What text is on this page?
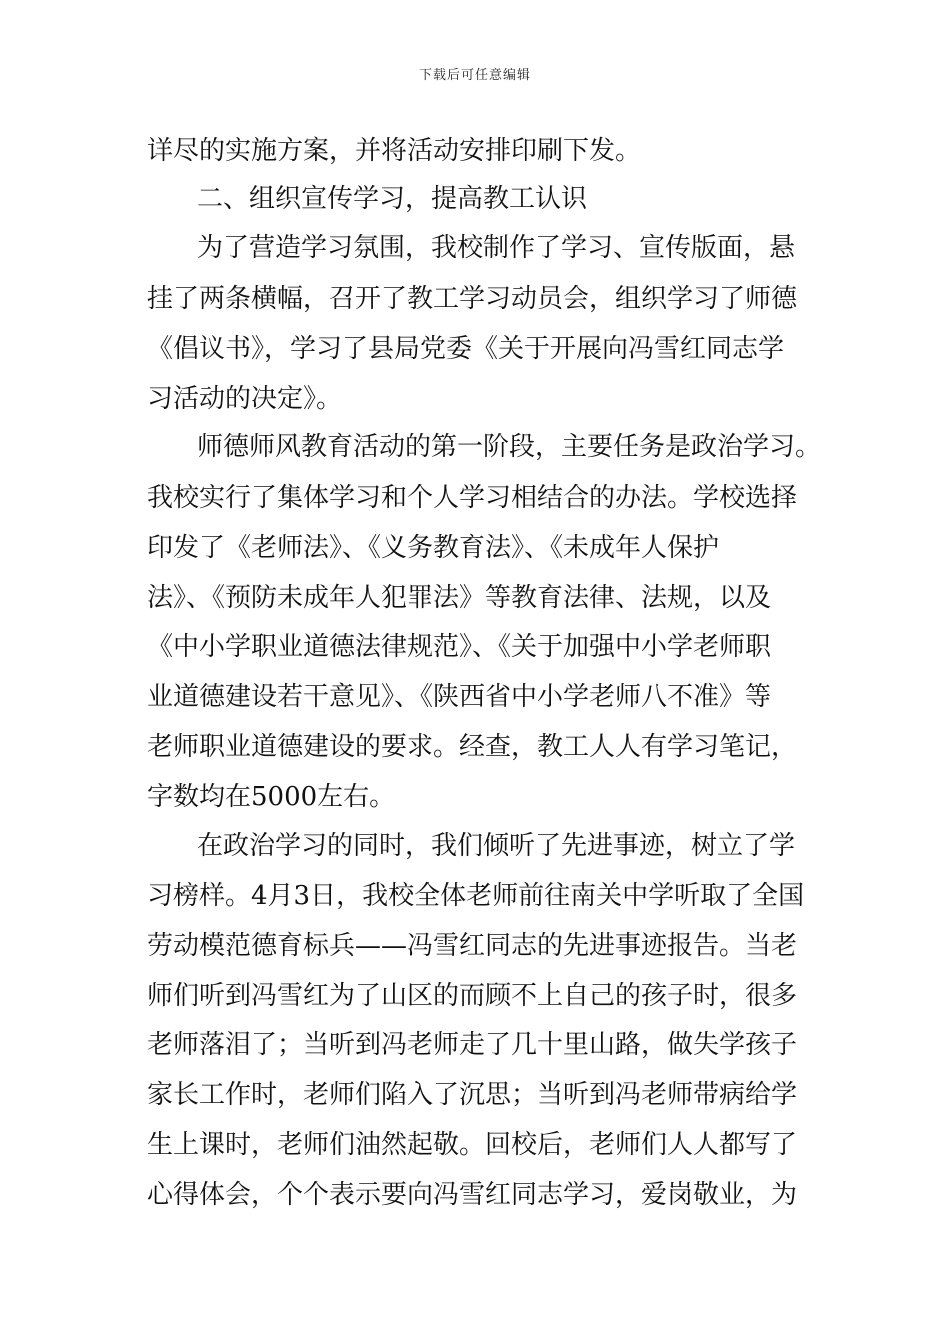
下载后可任意编辑
详尽的实施方案，并将活动安排印刷下发。
二、组织宣传学习，提高教工认识
为了营造学习氛围，我校制作了学习、宣传版面，悬
挂了两条横幅，召开了教工学习动员会，组织学习了师德
《倡议书》，学习了县局党委《关于开展向冯雪红同志学
习活动的决定》。
师德师风教育活动的第一阶段，主要任务是政治学习。
我校实行了集体学习和个人学习相结合的办法。学校选择
印发了《老师法》、《义务教育法》、《未成年人保护
法》、《预防未成年人犯罪法》等教育法律、法规，以及
《中小学职业道德法律规范》、《关于加强中小学老师职
业道德建设若干意见》、《陕西省中小学老师八不准》等
老师职业道德建设的要求。经查，教工人人有学习笔记，
字数均在5000左右。
在政治学习的同时，我们倾听了先进事迹，树立了学
习榜样。4月3日，我校全体老师前往南关中学听取了全国
劳动模范德育标兵——冯雪红同志的先进事迹报告。当老
师们听到冯雪红为了山区的而顾不上自己的孩子时，很多
老师落泪了；当听到冯老师走了几十里山路，做失学孩子
家长工作时，老师们陷入了沉思；当听到冯老师带病给学
生上课时，老师们油然起敬。回校后，老师们人人都写了
心得体会，个个表示要向冯雪红同志学习，爱岗敬业，为
